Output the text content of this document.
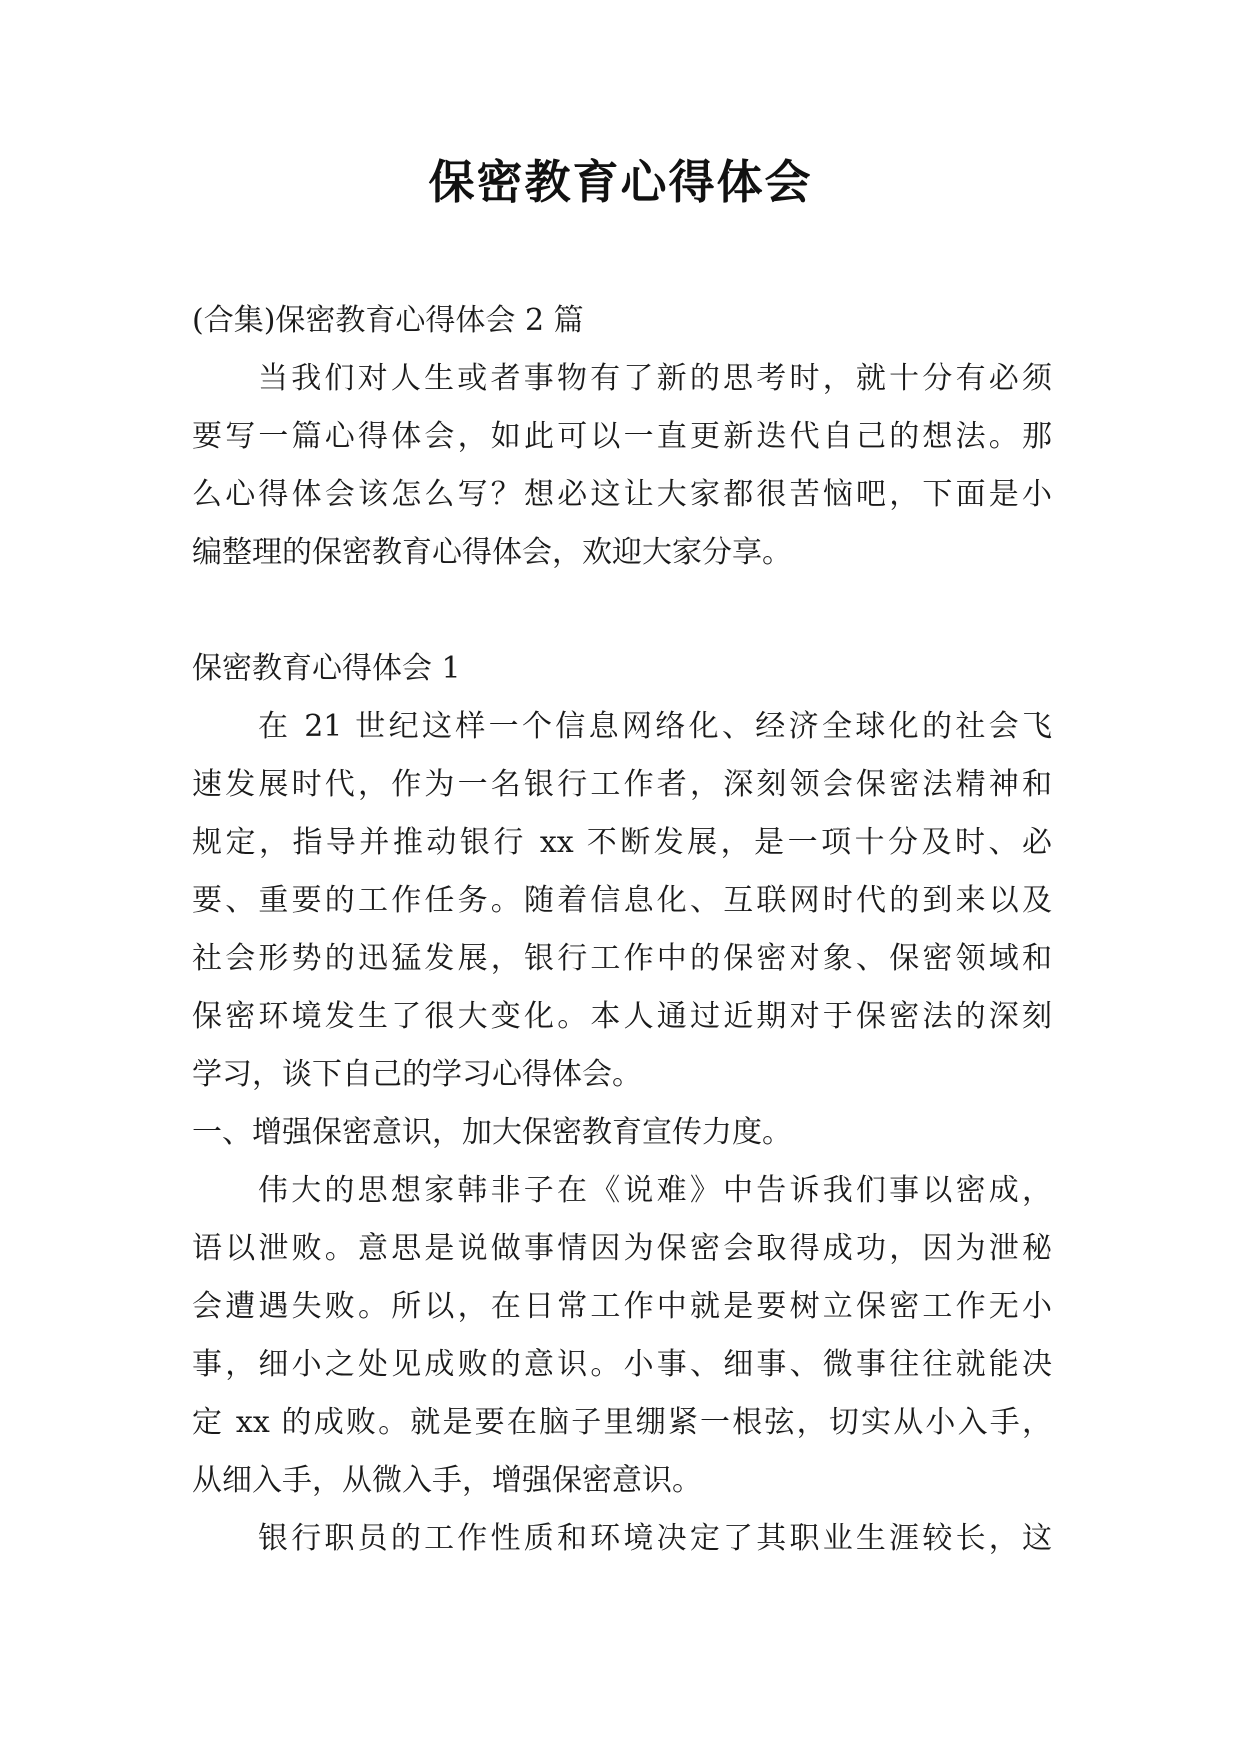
保密教育心得体会

(合集)保密教育心得体会 2 篇

当我们对人生或者事物有了新的思考时，就十分有必须

要写一篇心得体会，如此可以一直更新迭代自己的想法。那

么心得体会该怎么写？想必这让大家都很苦恼吧，下面是小

编整理的保密教育心得体会，欢迎大家分享。

保密教育心得体会 1

在 21 世纪这样一个信息网络化、经济全球化的社会飞

速发展时代，作为一名银行工作者，深刻领会保密法精神和

规定，指导并推动银行 xx 不断发展，是一项十分及时、必

要、重要的工作任务。随着信息化、互联网时代的到来以及

社会形势的迅猛发展，银行工作中的保密对象、保密领域和

保密环境发生了很大变化。本人通过近期对于保密法的深刻

学习，谈下自己的学习心得体会。

一、增强保密意识，加大保密教育宣传力度。

伟大的思想家韩非子在《说难》中告诉我们事以密成，

语以泄败。意思是说做事情因为保密会取得成功，因为泄秘

会遭遇失败。所以，在日常工作中就是要树立保密工作无小

事，细小之处见成败的意识。小事、细事、微事往往就能决

定 xx 的成败。就是要在脑子里绷紧一根弦，切实从小入手，

从细入手，从微入手，增强保密意识。

银行职员的工作性质和环境决定了其职业生涯较长，这
